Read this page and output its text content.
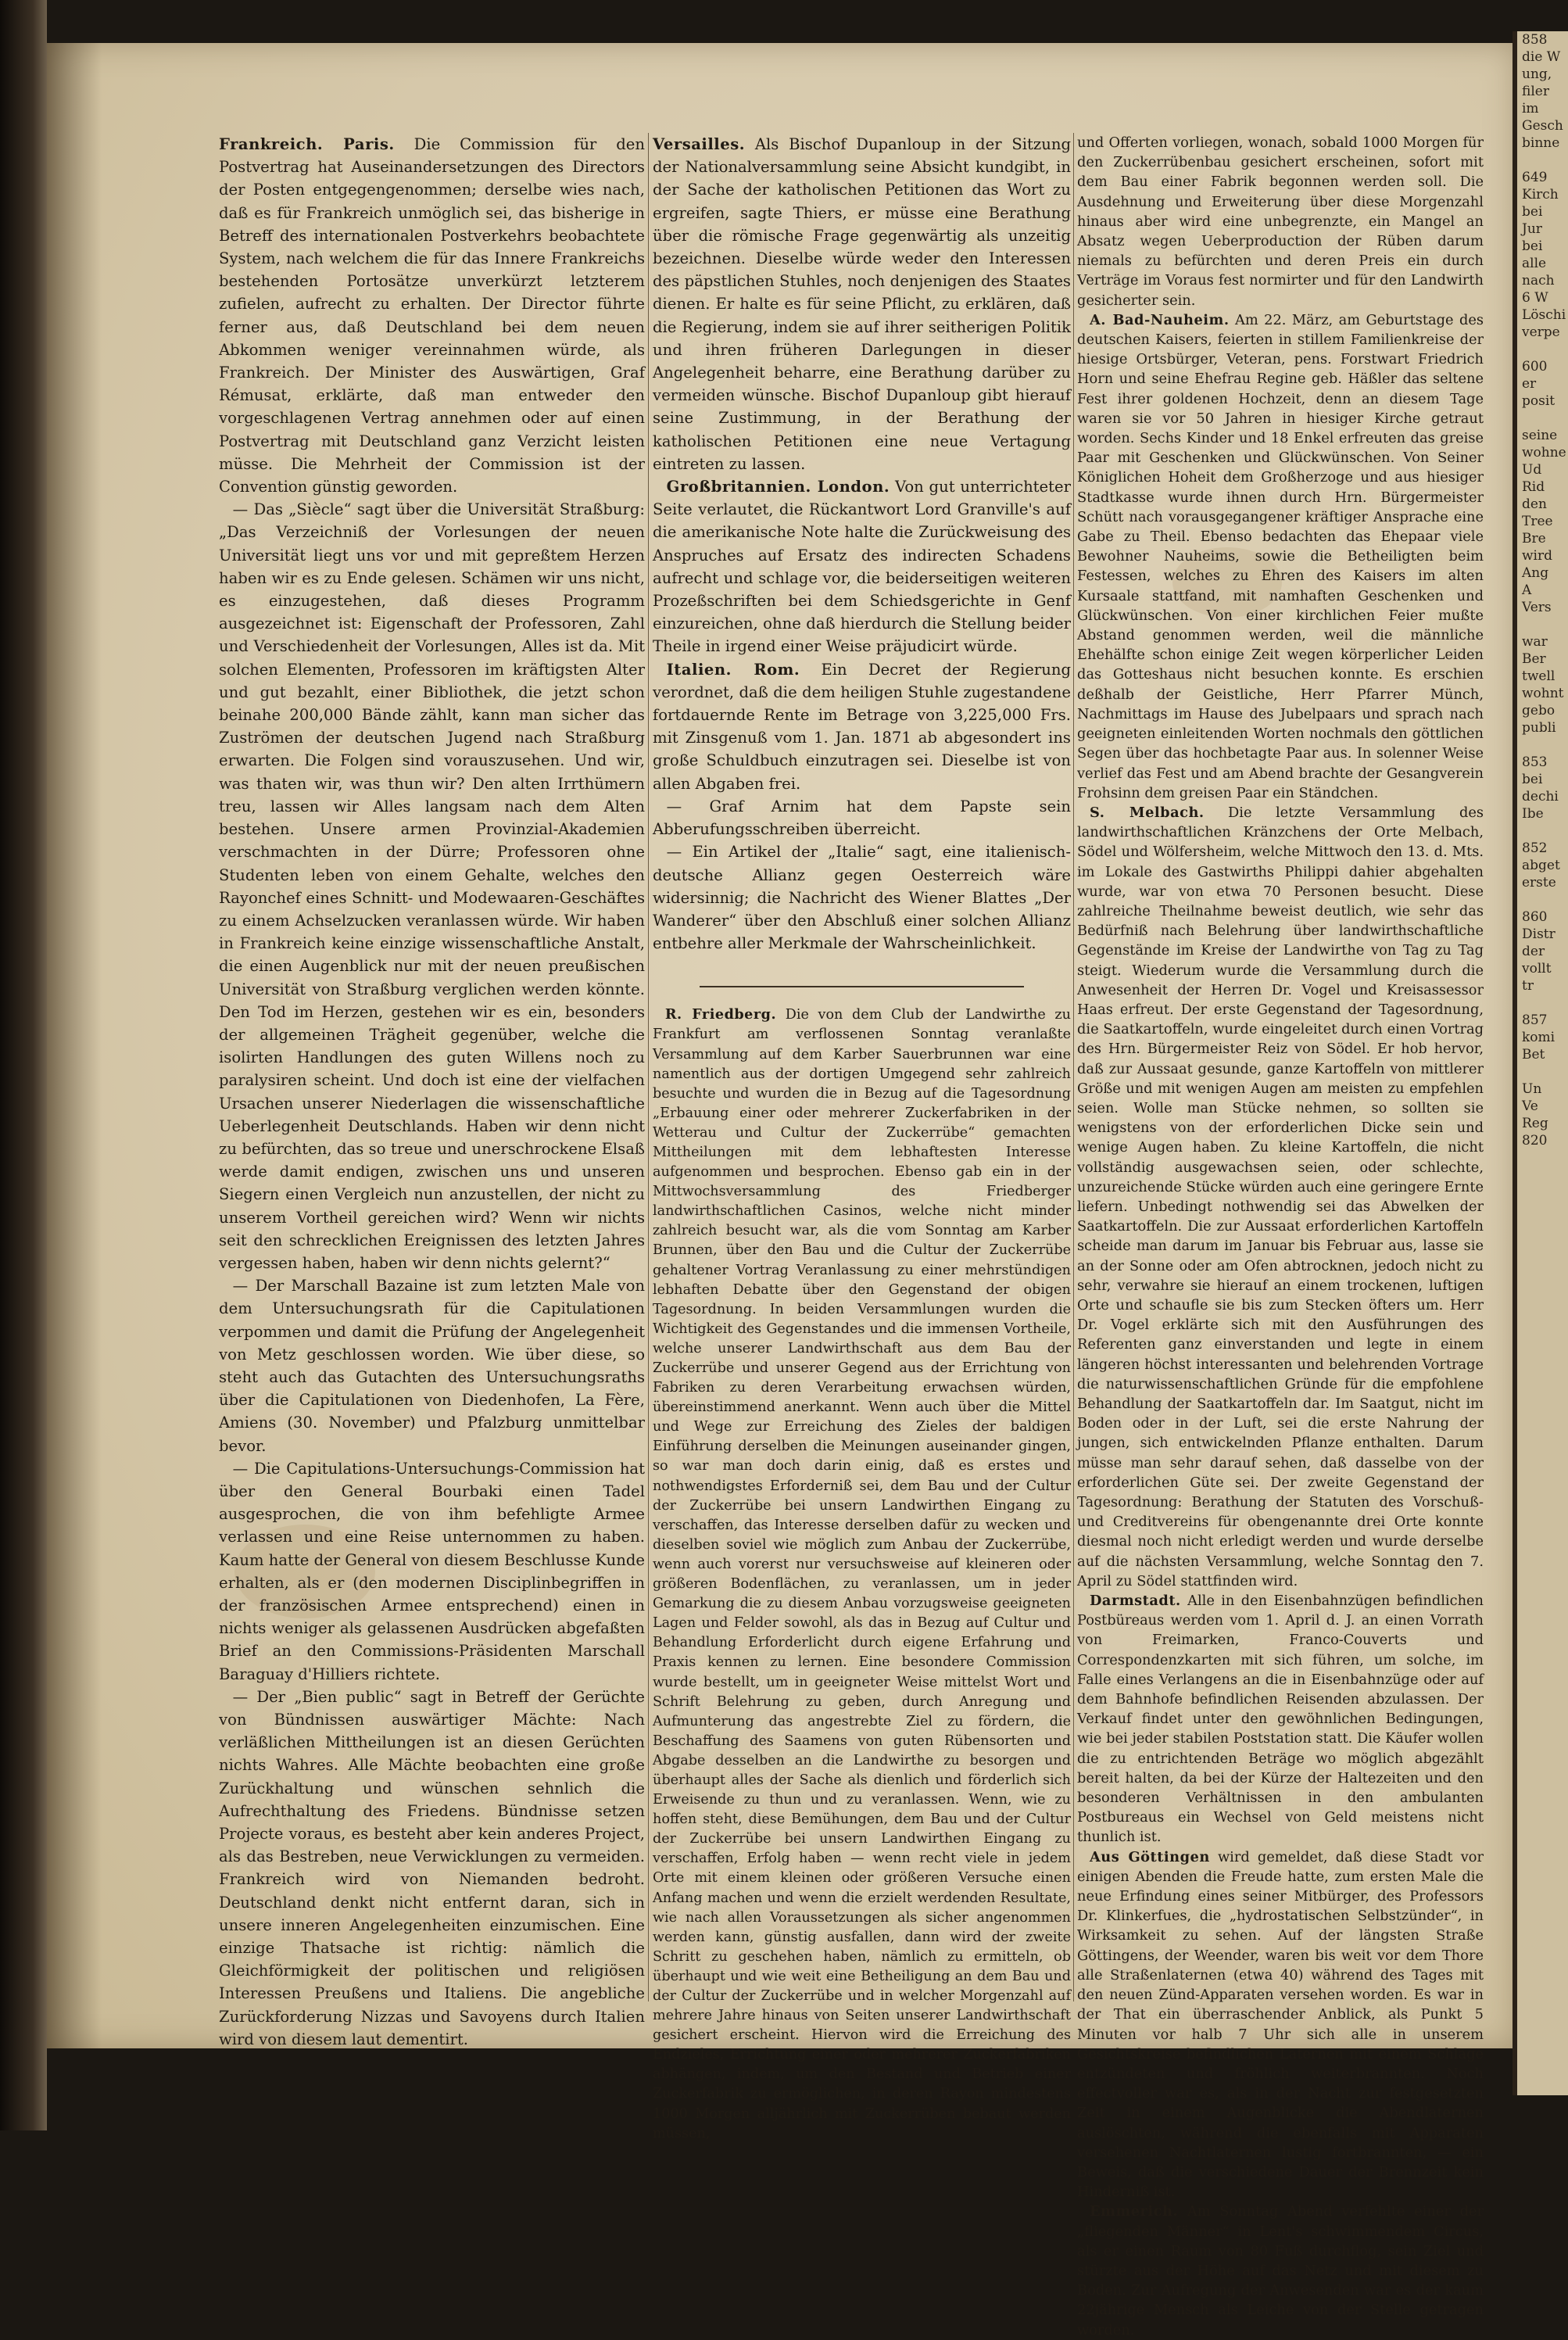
Frankreich. Paris. Die Commission für den Postvertrag hat Auseinandersetzungen des Directors der Posten entgegengenommen; derselbe wies nach, daß es für Frankreich unmöglich sei, das bisherige in Betreff des internationalen Postverkehrs beobachtete System, nach welchem die für das Innere Frankreichs bestehenden Portosätze unverkürzt letzterem zufielen, aufrecht zu erhalten. Der Director führte ferner aus, daß Deutschland bei dem neuen Abkommen weniger vereinnahmen würde, als Frankreich. Der Minister des Auswärtigen, Graf Rémusat, erklärte, daß man entweder den vorgeschlagenen Vertrag annehmen oder auf einen Postvertrag mit Deutschland ganz Verzicht leisten müsse. Die Mehrheit der Commission ist der Convention günstig geworden.

— Das „Siècle“ sagt über die Universität Straßburg: „Das Verzeichniß der Vorlesungen der neuen Universität liegt uns vor und mit gepreßtem Herzen haben wir es zu Ende gelesen. Schämen wir uns nicht, es einzugestehen, daß dieses Programm ausgezeichnet ist: Eigenschaft der Professoren, Zahl und Verschiedenheit der Vorlesungen, Alles ist da. Mit solchen Elementen, Professoren im kräftigsten Alter und gut bezahlt, einer Bibliothek, die jetzt schon beinahe 200,000 Bände zählt, kann man sicher das Zuströmen der deutschen Jugend nach Straßburg erwarten. Die Folgen sind vorauszusehen. Und wir, was thaten wir, was thun wir? Den alten Irrthümern treu, lassen wir Alles langsam nach dem Alten bestehen. Unsere armen Provinzial-Akademien verschmachten in der Dürre; Professoren ohne Studenten leben von einem Gehalte, welches den Rayonchef eines Schnitt- und Modewaaren-Geschäftes zu einem Achselzucken veranlassen würde. Wir haben in Frankreich keine einzige wissenschaftliche Anstalt, die einen Augenblick nur mit der neuen preußischen Universität von Straßburg verglichen werden könnte. Den Tod im Herzen, gestehen wir es ein, besonders der allgemeinen Trägheit gegenüber, welche die isolirten Handlungen des guten Willens noch zu paralysiren scheint. Und doch ist eine der vielfachen Ursachen unserer Niederlagen die wissenschaftliche Ueberlegenheit Deutschlands. Haben wir denn nicht zu befürchten, das so treue und unerschrockene Elsaß werde damit endigen, zwischen uns und unseren Siegern einen Vergleich nun anzustellen, der nicht zu unserem Vortheil gereichen wird? Wenn wir nichts seit den schrecklichen Ereignissen des letzten Jahres vergessen haben, haben wir denn nichts gelernt?“

— Der Marschall Bazaine ist zum letzten Male von dem Untersuchungsrath für die Capitulationen verpommen und damit die Prüfung der Angelegenheit von Metz geschlossen worden. Wie über diese, so steht auch das Gutachten des Untersuchungsraths über die Capitulationen von Diedenhofen, La Fère, Amiens (30. November) und Pfalzburg unmittelbar bevor.

— Die Capitulations-Untersuchungs-Commission hat über den General Bourbaki einen Tadel ausgesprochen, die von ihm befehligte Armee verlassen und eine Reise unternommen zu haben. Kaum hatte der General von diesem Beschlusse Kunde erhalten, als er (den modernen Disciplinbegriffen in der französischen Armee entsprechend) einen in nichts weniger als gelassenen Ausdrücken abgefaßten Brief an den Commissions-Präsidenten Marschall Baraguay d'Hilliers richtete.

— Der „Bien public“ sagt in Betreff der Gerüchte von Bündnissen auswärtiger Mächte: Nach verläßlichen Mittheilungen ist an diesen Gerüchten nichts Wahres. Alle Mächte beobachten eine große Zurückhaltung und wünschen sehnlich die Aufrechthaltung des Friedens. Bündnisse setzen Projecte voraus, es besteht aber kein anderes Project, als das Bestreben, neue Verwicklungen zu vermeiden. Frankreich wird von Niemanden bedroht. Deutschland denkt nicht entfernt daran, sich in unsere inneren Angelegenheiten einzumischen. Eine einzige Thatsache ist richtig: nämlich die Gleichförmigkeit der politischen und religiösen Interessen Preußens und Italiens. Die angebliche Zurückforderung Nizzas und Savoyens durch Italien wird von diesem laut dementirt.

Versailles. Als Bischof Dupanloup in der Sitzung der Nationalversammlung seine Absicht kundgibt, in der Sache der katholischen Petitionen das Wort zu ergreifen, sagte Thiers, er müsse eine Berathung über die römische Frage gegenwärtig als unzeitig bezeichnen. Dieselbe würde weder den Interessen des päpstlichen Stuhles, noch denjenigen des Staates dienen. Er halte es für seine Pflicht, zu erklären, daß die Regierung, indem sie auf ihrer seitherigen Politik und ihren früheren Darlegungen in dieser Angelegenheit beharre, eine Berathung darüber zu vermeiden wünsche. Bischof Dupanloup gibt hierauf seine Zustimmung, in der Berathung der katholischen Petitionen eine neue Vertagung eintreten zu lassen.

Großbritannien. London. Von gut unterrichteter Seite verlautet, die Rückantwort Lord Granville's auf die amerikanische Note halte die Zurückweisung des Anspruches auf Ersatz des indirecten Schadens aufrecht und schlage vor, die beiderseitigen weiteren Prozeßschriften bei dem Schiedsgerichte in Genf einzureichen, ohne daß hierdurch die Stellung beider Theile in irgend einer Weise präjudicirt würde.

Italien. Rom. Ein Decret der Regierung verordnet, daß die dem heiligen Stuhle zugestandene fortdauernde Rente im Betrage von 3,225,000 Frs. mit Zinsgenuß vom 1. Jan. 1871 ab abgesondert ins große Schuldbuch einzutragen sei. Dieselbe ist von allen Abgaben frei.

— Graf Arnim hat dem Papste sein Abberufungsschreiben überreicht.

— Ein Artikel der „Italie“ sagt, eine italienisch-deutsche Allianz gegen Oesterreich wäre widersinnig; die Nachricht des Wiener Blattes „Der Wanderer“ über den Abschluß einer solchen Allianz entbehre aller Merkmale der Wahrscheinlichkeit.

R. Friedberg. Die von dem Club der Landwirthe zu Frankfurt am verflossenen Sonntag veranlaßte Versammlung auf dem Karber Sauerbrunnen war eine namentlich aus der dortigen Umgegend sehr zahlreich besuchte und wurden die in Bezug auf die Tagesordnung „Erbauung einer oder mehrerer Zuckerfabriken in der Wetterau und Cultur der Zuckerrübe“ gemachten Mittheilungen mit dem lebhaftesten Interesse aufgenommen und besprochen. Ebenso gab ein in der Mittwochsversammlung des Friedberger landwirthschaftlichen Casinos, welche nicht minder zahlreich besucht war, als die vom Sonntag am Karber Brunnen, über den Bau und die Cultur der Zuckerrübe gehaltener Vortrag Veranlassung zu einer mehrstündigen lebhaften Debatte über den Gegenstand der obigen Tagesordnung. In beiden Versammlungen wurden die Wichtigkeit des Gegenstandes und die immensen Vortheile, welche unserer Landwirthschaft aus dem Bau der Zuckerrübe und unserer Gegend aus der Errichtung von Fabriken zu deren Verarbeitung erwachsen würden, übereinstimmend anerkannt. Wenn auch über die Mittel und Wege zur Erreichung des Zieles der baldigen Einführung derselben die Meinungen auseinander gingen, so war man doch darin einig, daß es erstes und nothwendigstes Erforderniß sei, dem Bau und der Cultur der Zuckerrübe bei unsern Landwirthen Eingang zu verschaffen, das Interesse derselben dafür zu wecken und dieselben soviel wie möglich zum Anbau der Zuckerrübe, wenn auch vorerst nur versuchsweise auf kleineren oder größeren Bodenflächen, zu veranlassen, um in jeder Gemarkung die zu diesem Anbau vorzugsweise geeigneten Lagen und Felder sowohl, als das in Bezug auf Cultur und Behandlung Erforderlicht durch eigene Erfahrung und Praxis kennen zu lernen. Eine besondere Commission wurde bestellt, um in geeigneter Weise mittelst Wort und Schrift Belehrung zu geben, durch Anregung und Aufmunterung das angestrebte Ziel zu fördern, die Beschaffung des Saamens von guten Rübensorten und Abgabe desselben an die Landwirthe zu besorgen und überhaupt alles der Sache als dienlich und förderlich sich Erweisende zu thun und zu veranlassen. Wenn, wie zu hoffen steht, diese Bemühungen, dem Bau und der Cultur der Zuckerrübe bei unsern Landwirthen Eingang zu verschaffen, Erfolg haben — wenn recht viele in jedem Orte mit einem kleinen oder größeren Versuche einen Anfang machen und wenn die erzielt werdenden Resultate, wie nach allen Voraussetzungen als sicher angenommen werden kann, günstig ausfallen, dann wird der zweite Schritt zu geschehen haben, nämlich zu ermitteln, ob überhaupt und wie weit eine Betheiligung an dem Bau und der Cultur der Zuckerrübe und in welcher Morgenzahl auf mehrere Jahre hinaus von Seiten unserer Landwirthschaft gesichert erscheint. Hiervon wird die Erreichung des Endzieles, Errichtung einer oder mehrerer Zuckerfabriken abhängen, indem, um den Bestand und Betrieb einer Zuckerfabrik zu ermöglichen, in deren Rayon mindestens 1000 Morgen alljährlich mit Zuckerrüben bebaut werden müssen,

und Offerten vorliegen, wonach, sobald 1000 Morgen für den Zuckerrübenbau gesichert erscheinen, sofort mit dem Bau einer Fabrik begonnen werden soll. Die Ausdehnung und Erweiterung über diese Morgenzahl hinaus aber wird eine unbegrenzte, ein Mangel an Absatz wegen Ueberproduction der Rüben darum niemals zu befürchten und deren Preis ein durch Verträge im Voraus fest normirter und für den Landwirth gesicherter sein.

A. Bad-Nauheim. Am 22. März, am Geburtstage des deutschen Kaisers, feierten in stillem Familienkreise der hiesige Ortsbürger, Veteran, pens. Forstwart Friedrich Horn und seine Ehefrau Regine geb. Häßler das seltene Fest ihrer goldenen Hochzeit, denn an diesem Tage waren sie vor 50 Jahren in hiesiger Kirche getraut worden. Sechs Kinder und 18 Enkel erfreuten das greise Paar mit Geschenken und Glückwünschen. Von Seiner Königlichen Hoheit dem Großherzoge und aus hiesiger Stadtkasse wurde ihnen durch Hrn. Bürgermeister Schütt nach vorausgegangener kräftiger Ansprache eine Gabe zu Theil. Ebenso bedachten das Ehepaar viele Bewohner Nauheims, sowie die Betheiligten beim Festessen, welches zu Ehren des Kaisers im alten Kursaale stattfand, mit namhaften Geschenken und Glückwünschen. Von einer kirchlichen Feier mußte Abstand genommen werden, weil die männliche Ehehälfte schon einige Zeit wegen körperlicher Leiden das Gotteshaus nicht besuchen konnte. Es erschien deßhalb der Geistliche, Herr Pfarrer Münch, Nachmittags im Hause des Jubelpaars und sprach nach geeigneten einleitenden Worten nochmals den göttlichen Segen über das hochbetagte Paar aus. In solenner Weise verlief das Fest und am Abend brachte der Gesangverein Frohsinn dem greisen Paar ein Ständchen.

S. Melbach. Die letzte Versammlung des landwirthschaftlichen Kränzchens der Orte Melbach, Södel und Wölfersheim, welche Mittwoch den 13. d. Mts. im Lokale des Gastwirths Philippi dahier abgehalten wurde, war von etwa 70 Personen besucht. Diese zahlreiche Theilnahme beweist deutlich, wie sehr das Bedürfniß nach Belehrung über landwirthschaftliche Gegenstände im Kreise der Landwirthe von Tag zu Tag steigt. Wiederum wurde die Versammlung durch die Anwesenheit der Herren Dr. Vogel und Kreisassessor Haas erfreut. Der erste Gegenstand der Tagesordnung, die Saatkartoffeln, wurde eingeleitet durch einen Vortrag des Hrn. Bürgermeister Reiz von Södel. Er hob hervor, daß zur Aussaat gesunde, ganze Kartoffeln von mittlerer Größe und mit wenigen Augen am meisten zu empfehlen seien. Wolle man Stücke nehmen, so sollten sie wenigstens von der erforderlichen Dicke sein und wenige Augen haben. Zu kleine Kartoffeln, die nicht vollständig ausgewachsen seien, oder schlechte, unzureichende Stücke würden auch eine geringere Ernte liefern. Unbedingt nothwendig sei das Abwelken der Saatkartoffeln. Die zur Aussaat erforderlichen Kartoffeln scheide man darum im Januar bis Februar aus, lasse sie an der Sonne oder am Ofen abtrocknen, jedoch nicht zu sehr, verwahre sie hierauf an einem trockenen, luftigen Orte und schaufle sie bis zum Stecken öfters um. Herr Dr. Vogel erklärte sich mit den Ausführungen des Referenten ganz einverstanden und legte in einem längeren höchst interessanten und belehrenden Vortrage die naturwissenschaftlichen Gründe für die empfohlene Behandlung der Saatkartoffeln dar. Im Saatgut, nicht im Boden oder in der Luft, sei die erste Nahrung der jungen, sich entwickelnden Pflanze enthalten. Darum müsse man sehr darauf sehen, daß dasselbe von der erforderlichen Güte sei. Der zweite Gegenstand der Tagesordnung: Berathung der Statuten des Vorschuß- und Creditvereins für obengenannte drei Orte konnte diesmal noch nicht erledigt werden und wurde derselbe auf die nächsten Versammlung, welche Sonntag den 7. April zu Södel stattfinden wird.

Darmstadt. Alle in den Eisenbahnzügen befindlichen Postbüreaus werden vom 1. April d. J. an einen Vorrath von Freimarken, Franco-Couverts und Correspondenzkarten mit sich führen, um solche, im Falle eines Verlangens an die in Eisenbahnzüge oder auf dem Bahnhofe befindlichen Reisenden abzulassen. Der Verkauf findet unter den gewöhnlichen Bedingungen, wie bei jeder stabilen Poststation statt. Die Käufer wollen die zu entrichtenden Beträge wo möglich abgezählt bereit halten, da bei der Kürze der Haltezeiten und den besonderen Verhältnissen in den ambulanten Postbureaus ein Wechsel von Geld meistens nicht thunlich ist.

Aus Göttingen wird gemeldet, daß diese Stadt vor einigen Abenden die Freude hatte, zum ersten Male die neue Erfindung eines seiner Mitbürger, des Professors Dr. Klinkerfues, die „hydrostatischen Selbstzünder“, in Wirksamkeit zu sehen. Auf der längsten Straße Göttingens, der Weender, waren bis weit vor dem Thore alle Straßenlaternen (etwa 40) während des Tages mit den neuen Zünd-Apparaten versehen worden. Es war in der That ein überraschender Anblick, als Punkt 5 Minuten vor halb 7 Uhr sich alle in unserem Gesichtskreise befindlichen Laternen mit einem Schlage entzündeten und fröhlich weiterbrannten. Noch effectvoller war es, als in der Nacht zur festgesetzten Zeit in einem Augenblicke die Abendlaternen auslöschten, während die ebenfalls mit Apparaten versehenen Nachtlaternen lustig fortbrannten, — ein Beweis, daß die verschiedene Dauer der Brennzeit kein Hinderniß ist.

Emmerich. Am Sonntag Abend verfehlte einer der „fliegenden Männer“ in Lent's schwimmendem Circus, als er einen Raum von 80 Fuß durchflog, sein Ziel und stürzte aus der Höhe auf das Netz und mit diesem zu Boden. Zur Aufregung der Anwesenden war es der kaum 22jährige Mensch als Leiche von der Stelle getragen worden.

858
die W
ung,
filer
im
Gesch
binne

649
Kirch
bei
Jur
bei
alle
nach
6 W
Löschi
verpe

600
er
posit

seine
wohne
Ud
Rid
den
Tree
Bre
wird
Ang
A
Vers

war
Ber
twell
wohnt
gebo
publi

853
bei
dechi
Ibe

852
abget
erste

860
Distr
der
vollt
tr

857
komi
Bet

Un
Ve
Reg
820
